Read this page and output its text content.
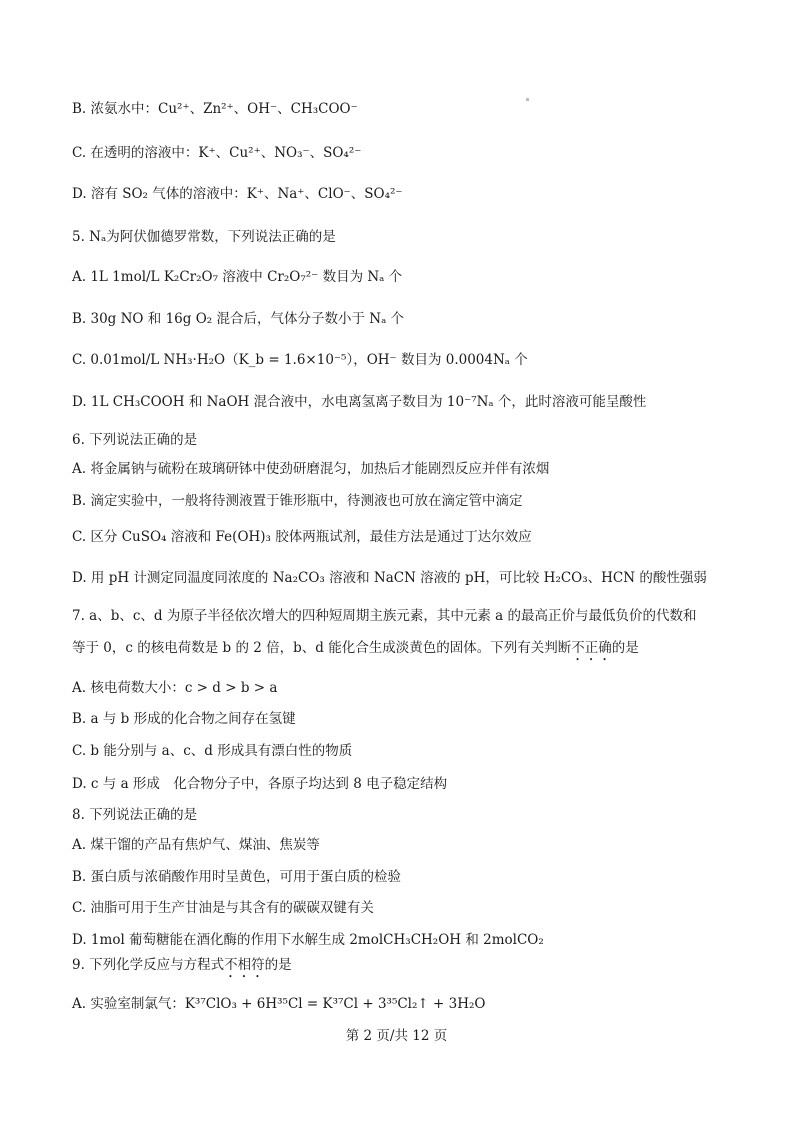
B. 浓氨水中：Cu²⁺、Zn²⁺、OH⁻、CH₃COO⁻
C. 在透明的溶液中：K⁺、Cu²⁺、NO₃⁻、SO₄²⁻
D. 溶有 SO₂ 气体的溶液中：K⁺、Na⁺、ClO⁻、SO₄²⁻
5. Nₐ为阿伏伽德罗常数，下列说法正确的是
A. 1L 1mol/L K₂Cr₂O₇ 溶液中 Cr₂O₇²⁻ 数目为 Nₐ 个
B. 30g NO 和 16g O₂ 混合后，气体分子数小于 Nₐ 个
C. 0.01mol/L NH₃·H₂O（K_b = 1.6×10⁻⁵），OH⁻ 数目为 0.0004Nₐ 个
D. 1L CH₃COOH 和 NaOH 混合液中，水电离氢离子数目为 10⁻⁷Nₐ 个，此时溶液可能呈酸性
6. 下列说法正确的是
A. 将金属钠与硫粉在玻璃研钵中使劲研磨混匀，加热后才能剧烈反应并伴有浓烟
B. 滴定实验中，一般将待测液置于锥形瓶中，待测液也可放在滴定管中滴定
C. 区分 CuSO₄ 溶液和 Fe(OH)₃ 胶体两瓶试剂，最佳方法是通过丁达尔效应
D. 用 pH 计测定同温度同浓度的 Na₂CO₃ 溶液和 NaCN 溶液的 pH，可比较 H₂CO₃、HCN 的酸性强弱
7. a、b、c、d 为原子半径依次增大的四种短周期主族元素，其中元素 a 的最高正价与最低负价的代数和
等于 0，c 的核电荷数是 b 的 2 倍，b、d 能化合生成淡黄色的固体。下列有关判断不正确的是
A. 核电荷数大小：c > d > b > a
B. a 与 b 形成的化合物之间存在氢键
C. b 能分别与 a、c、d 形成具有漂白性的物质
D. c 与 a 形成　化合物分子中，各原子均达到 8 电子稳定结构
8. 下列说法正确的是
A. 煤干馏的产品有焦炉气、煤油、焦炭等
B. 蛋白质与浓硝酸作用时呈黄色，可用于蛋白质的检验
C. 油脂可用于生产甘油是与其含有的碳碳双键有关
D. 1mol 葡萄糖能在酒化酶的作用下水解生成 2molCH₃CH₂OH 和 2molCO₂
9. 下列化学反应与方程式不相符的是
A. 实验室制氯气：K³⁷ClO₃ + 6H³⁵Cl = K³⁷Cl + 3³⁵Cl₂↑ + 3H₂O
第 2 页/共 12 页
